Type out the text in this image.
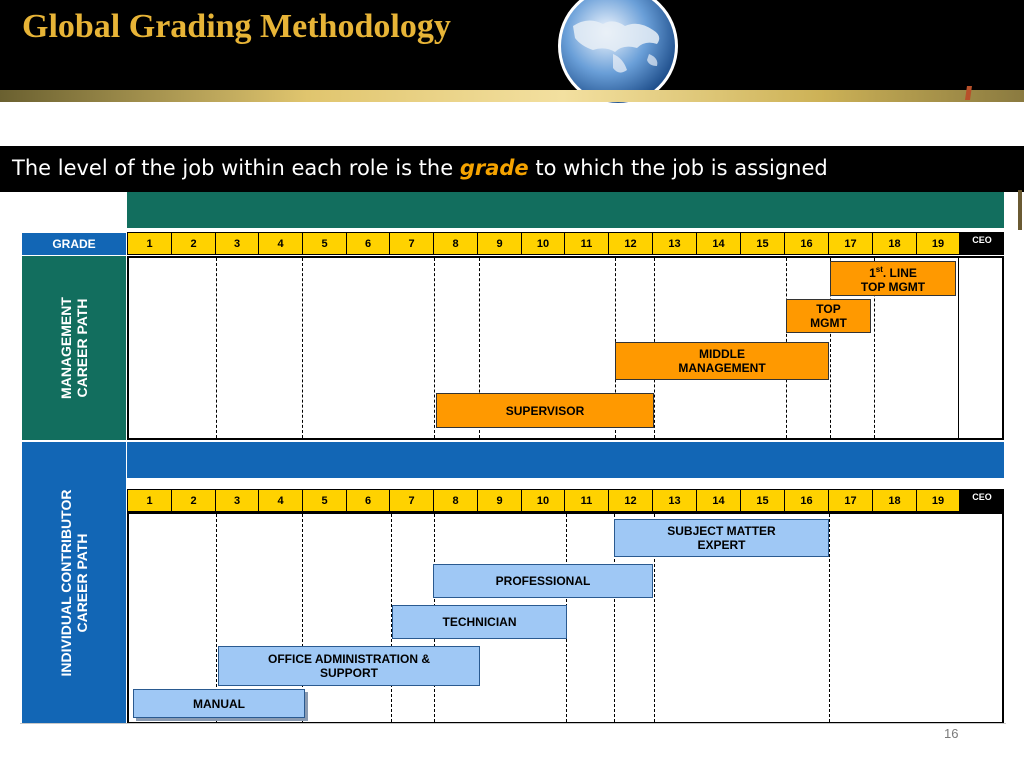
Global Grading Methodology
The level of the job within each role is the grade to which the job is assigned
MANAGEMENT CAREER PATH
GRADE	1	2	3	4	5	6	7	8	9	10	11	12	13	14	15	16	17	18	19	CEO
1st. LINE
TOP MGMT
TOP
MGMT
MIDDLE
MANAGEMENT
SUPERVISOR
INDIVIDUAL CONTRIBUTOR CAREER PATH
1	2	3	4	5	6	7	8	9	10	11	12	13	14	15	16	17	18	19	CEO
SUBJECT MATTER
EXPERT
PROFESSIONAL
TECHNICIAN
OFFICE ADMINISTRATION &
SUPPORT
MANUAL
16
